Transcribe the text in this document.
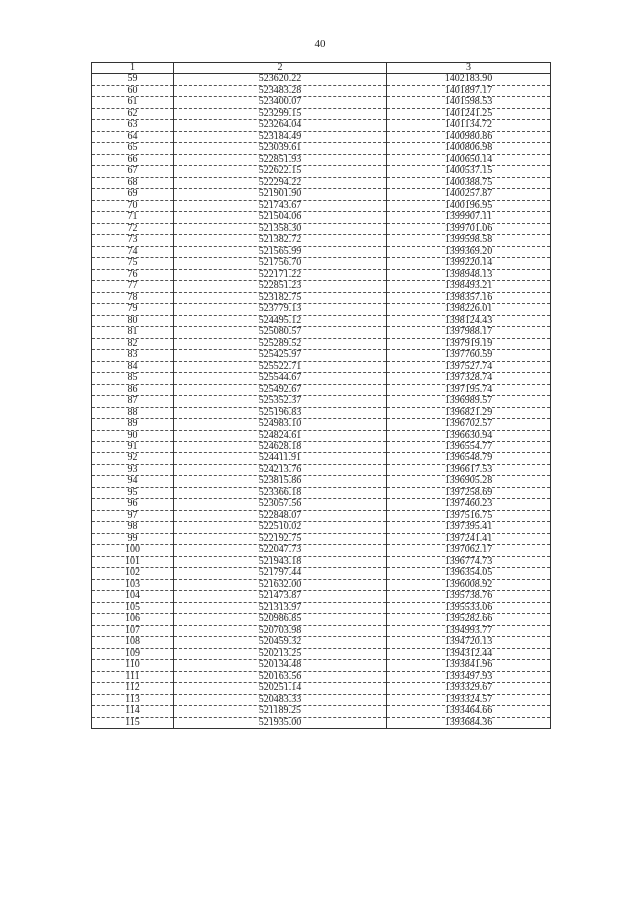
40
1	2	3
59	523620.22	1402183.90
60	523483.28	1401897.17
61	523400.07	1401598.53
62	523299.15	1401241.25
63	523264.04	1401134.72
64	523184.49	1400980.86
65	523039.61	1400806.98
66	522851.93	1400650.14
67	522622.15	1400537.15
68	522294.22	1400388.75
69	521901.90	1400257.87
70	521743.67	1400196.95
71	521504.06	1399907.11
72	521358.30	1399701.06
73	521382.72	1399598.58
74	521565.99	1399369.20
75	521756.70	1399220.14
76	522171.22	1398948.13
77	522851.23	1398493.21
78	523182.75	1398357.16
79	523779.13	1398226.01
80	524495.12	1398124.43
81	525080.57	1397988.17
82	525289.52	1397919.19
83	525425.97	1397760.59
84	525522.71	1397527.74
85	525544.67	1397328.74
86	525492.67	1397195.74
87	525352.37	1396989.57
88	525196.83	1396821.29
89	524983.10	1396702.57
90	524824.61	1396630.94
91	524628.18	1396554.77
92	524411.91	1396548.79
93	524213.76	1396617.53
94	523815.86	1396905.28
95	523366.18	1397258.69
96	523057.56	1397460.23
97	522848.07	1397516.75
98	522510.02	1397395.41
99	522192.75	1397241.41
100	522047.73	1397062.17
101	521943.18	1396774.73
102	521797.44	1396354.05
103	521632.00	1396008.92
104	521473.87	1395738.76
105	521313.97	1395533.06
106	520986.85	1395282.66
107	520703.98	1394993.77
108	520459.32	1394720.13
109	520213.25	1394312.44
110	520134.48	1393841.96
111	520163.56	1393497.93
112	520251.14	1393329.67
113	520483.33	1393324.57
114	521189.25	1393464.66
115	521935.00	1393684.36
